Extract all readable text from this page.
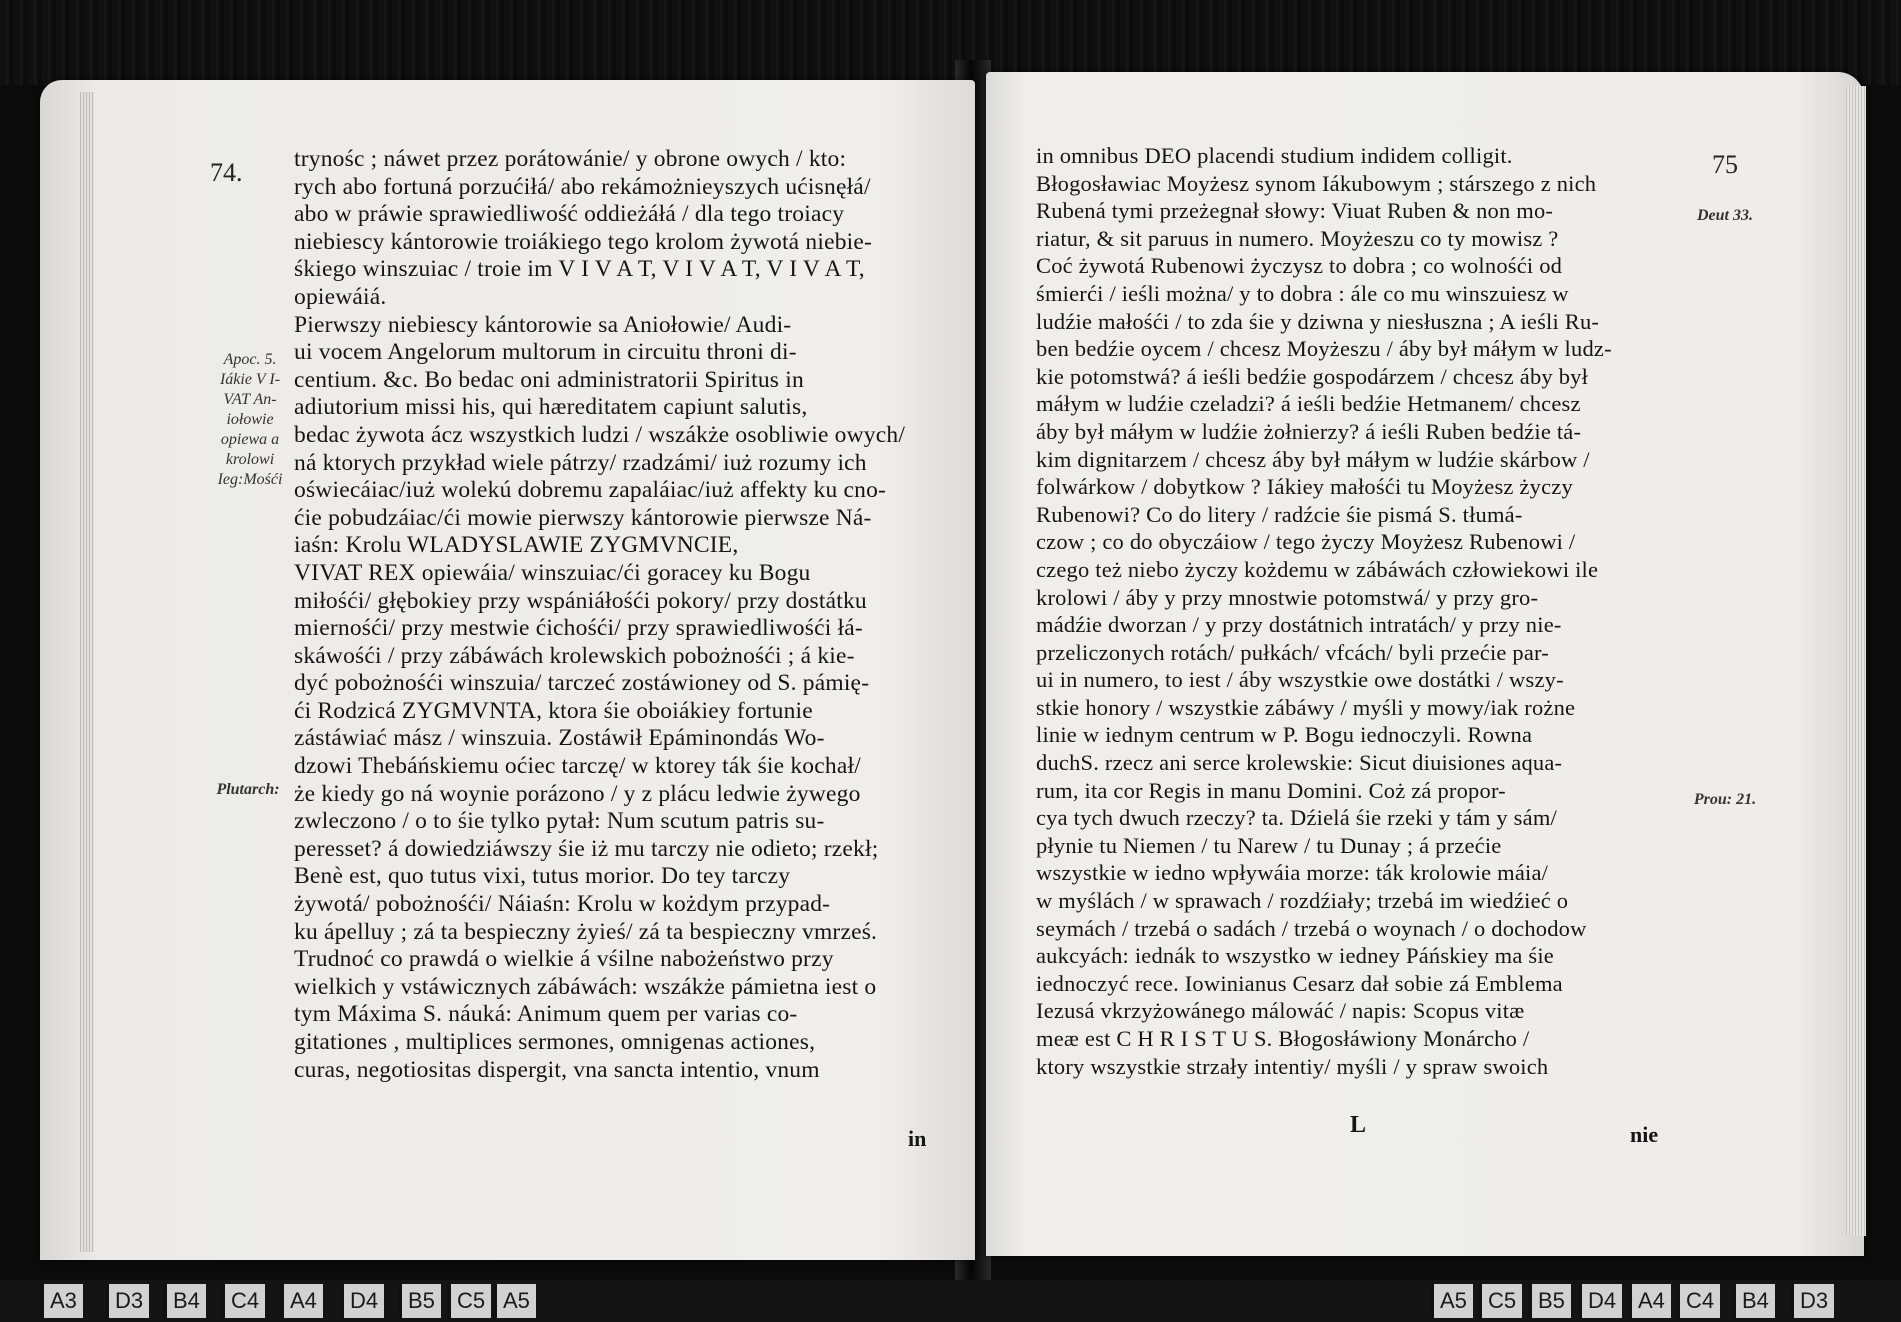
74. trynośc ; náwet przez porátowánie/ y obrone owych / kto:
rych abo fortuná porzućiłá/ abo rekámożnieyszych ućisnęłá/
abo w práwie sprawiedliwość oddieżáłá / dla tego troiacy
niebiescy kántorowie troiákiego tego krolom żywotá niebie-
śkiego winszuiac / troie im V I V A T, V I V A T, V I V A T,
opiewáiá.
Pierwszy niebiescy kántorowie sa Aniołowie/ Audi-
ui vocem Angelorum multorum in circuitu throni di-
centium. &c. Bo bedac oni administratorii Spiritus in
adiutorium missi his, qui hæreditatem capiunt salutis,
bedac żywota ácz wszystkich ludzi / wszákże osobliwie owych/
ná ktorych przykład wiele pátrzy/ rzadzámi/ iuż rozumy ich
oświecáiac/iuż wolekú dobremu zapaláiac/iuż affekty ku cno-
ćie pobudzáiac/ći mowie pierwszy kántorowie pierwsze Ná-
iaśn: Krolu WLADYSLAWIE ZYGMVNCIE,
VIVAT REX opiewáia/ winszuiac/ći goracey ku Bogu
miłośći/ głębokiey przy wspániáłośći pokory/ przy dostátku
miernośći/ przy mestwie ćichośći/ przy sprawiedliwośći łá-
skáwośći / przy zábáwách krolewskich pobożnośći ; á kie-
dyć pobożnośći winszuia/ tarczeć zostáwioney od S. pámię-
ći Rodzicá ZYGMVNTA, ktora śie oboiákiey fortunie
zástáwiać mász / winszuia. Zostáwił Epáminondás Wo-
dzowi Thebáńskiemu oćiec tarczę/ w ktorey ták śie kochał/
że kiedy go ná woynie porázono / y z plácu ledwie żywego
zwleczono / o to śie tylko pytał: Num scutum patris su-
peresset? á dowiedziáwszy śie iż mu tarczy nie odieto; rzekł;
Benè est, quo tutus vixi, tutus morior. Do tey tarczy
żywotá/ pobożnośći/ Náiaśn: Krolu w kożdym przypad-
ku ápelluy ; zá ta bespieczny żyieś/ zá ta bespieczny vmrześ.
Trudnoć co prawdá o wielkie á vśilne nabożeństwo przy
wielkich y vstáwicznych zábáwách: wszákże pámietna iest o
tym Máxima S. náuká: Animum quem per varias co-
gitationes , multiplices sermones, omnigenas actiones,
curas, negotiositas dispergit, vna sancta intentio, vnum
Apoc. 5.
Iákie V I-
VAT An-
iołowie
opiewa a
krolowi
Ieg:Mośći
Plutarch:
in
75
in omnibus DEO placendi studium indidem colligit.
Błogosławiac Moyżesz synom Iákubowym ; stárszego z nich
Rubená tymi przeżegnał słowy: Viuat Ruben & non mo-
riatur, & sit paruus in numero. Moyżeszu co ty mowisz ?
Coć żywotá Rubenowi życzysz to dobra ; co wolnośći od
śmierći / ieśli można/ y to dobra : ále co mu winszuiesz w
ludźie małośći / to zda śie y dziwna y niesłuszna ; A ieśli Ru-
ben bedźie oycem / chcesz Moyżeszu / áby był máłym w ludz-
kie potomstwá? á ieśli bedźie gospodárzem / chcesz áby był
máłym w ludźie czeladzi? á ieśli bedźie Hetmanem/ chcesz
áby był máłym w ludźie żołnierzy? á ieśli Ruben bedźie tá-
kim dignitarzem / chcesz áby był máłym w ludźie skárbow /
folwárkow / dobytkow ? Iákiey małośći tu Moyżesz życzy
Rubenowi? Co do litery / radźcie śie pismá S. tłumá-
czow ; co do obyczáiow / tego życzy Moyżesz Rubenowi /
czego też niebo życzy kożdemu w zábáwách człowiekowi ile
krolowi / áby y przy mnostwie potomstwá/ y przy gro-
mádźie dworzan / y przy dostátnich intratách/ y przy nie-
przeliczonych rotách/ pułkách/ vfcách/ byli przećie par-
ui in numero, to iest / áby wszystkie owe dostátki / wszy-
stkie honory / wszystkie zábáwy / myśli y mowy/iak rożne
linie w iednym centrum w P. Bogu iednoczyli. Rowna
duchS. rzecz ani serce krolewskie: Sicut diuisiones aqua-
rum, ita cor Regis in manu Domini. Coż zá propor-
cya tych dwuch rzeczy? ta. Dźielá śie rzeki y tám y sám/
płynie tu Niemen / tu Narew / tu Dunay ; á przećie
wszystkie w iedno wpływáia morze: ták krolowie máia/
w myślách / w sprawach / rozdźiały; trzebá im wiedźieć o
seymách / trzebá o sadách / trzebá o woynach / o dochodow
aukcyách: iednák to wszystko w iedney Páńskiey ma śie
iednoczyć rece. Iowinianus Cesarz dał sobie zá Emblema
Iezusá vkrzyżowánego málowáć / napis: Scopus vitæ
meæ est C H R I S T U S. Błogosłáwiony Monárcho /
ktory wszystkie strzały intentiy/ myśli / y spraw swoich
Deut 33.
Prou: 21.
L	nie
A3	D3	B4	C4	A4	D4	B5	C5 A5	A5 C5 B5	D4 A4 C4	B4	D3
